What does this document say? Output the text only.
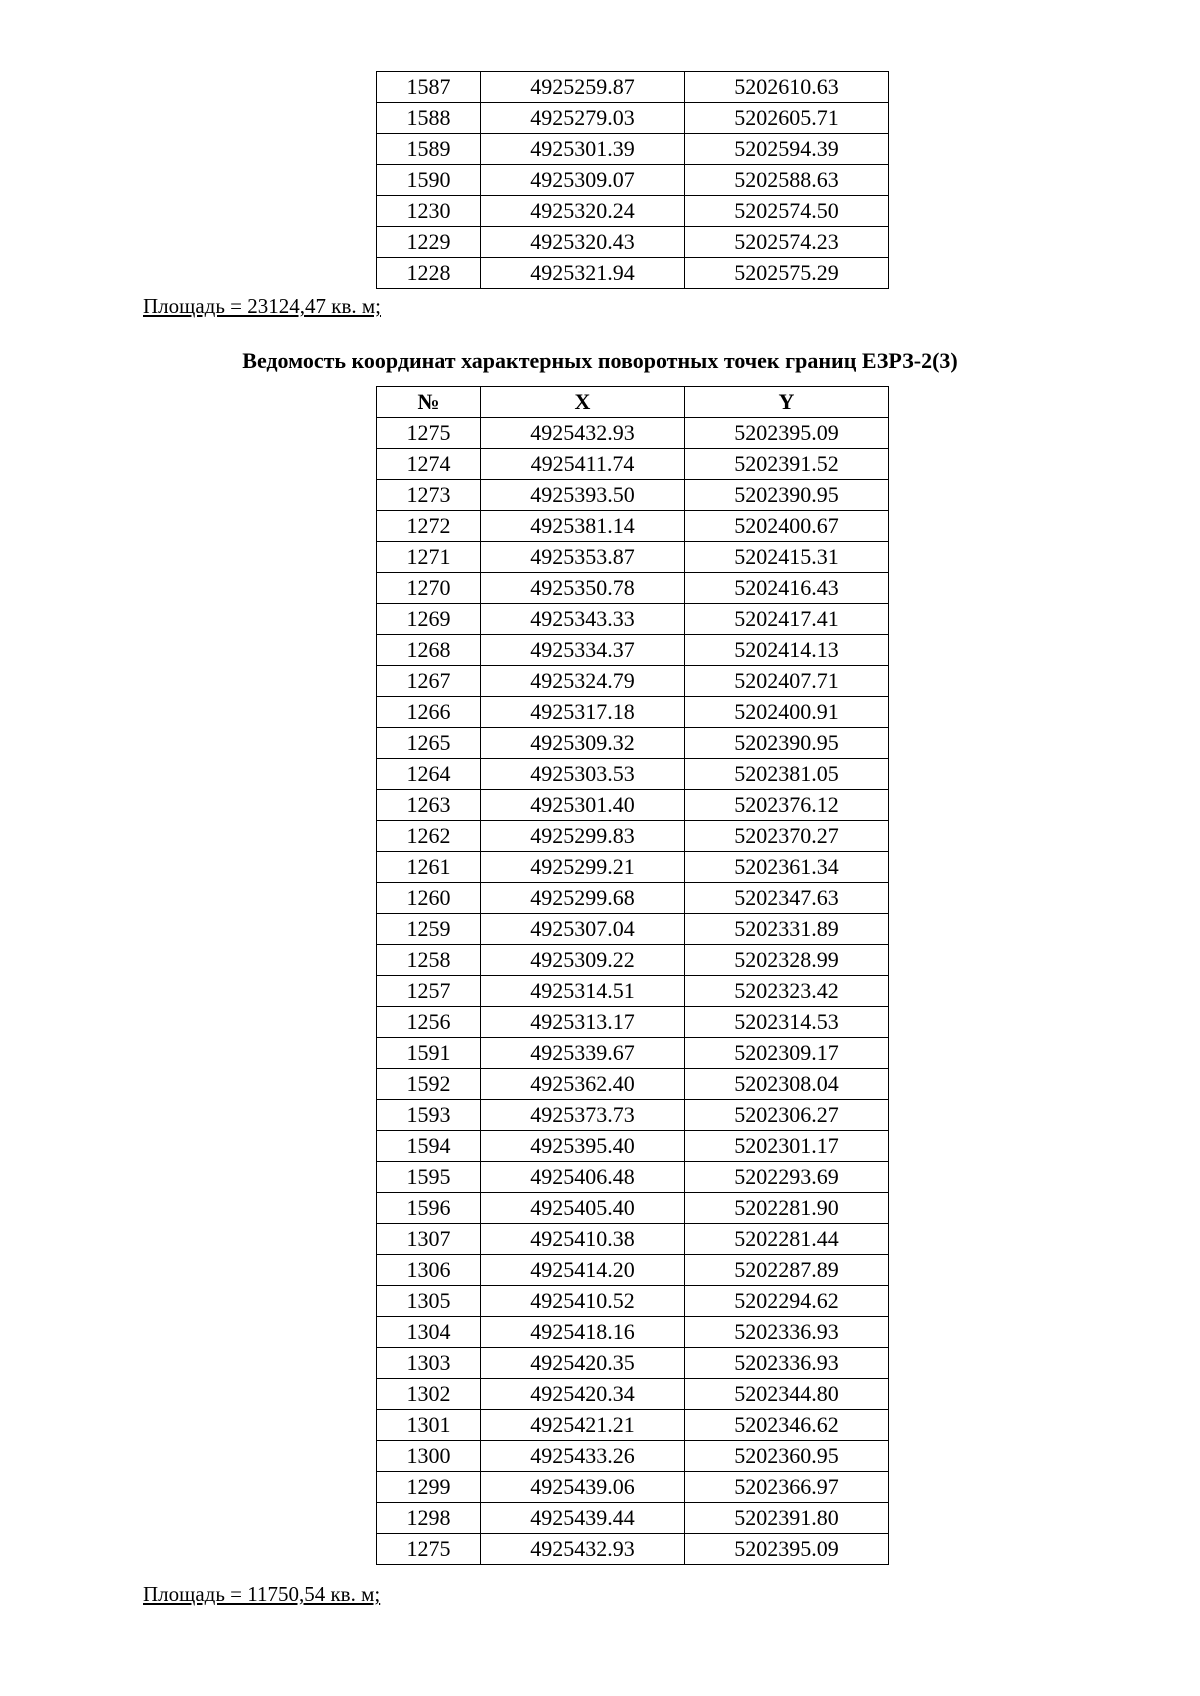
1587	4925259.87	5202610.63
1588	4925279.03	5202605.71
1589	4925301.39	5202594.39
1590	4925309.07	5202588.63
1230	4925320.24	5202574.50
1229	4925320.43	5202574.23
1228	4925321.94	5202575.29
Площадь = 23124,47 кв. м;
Ведомость координат характерных поворотных точек границ ЕЗРЗ-2(3)
№	X	Y
1275	4925432.93	5202395.09
1274	4925411.74	5202391.52
1273	4925393.50	5202390.95
1272	4925381.14	5202400.67
1271	4925353.87	5202415.31
1270	4925350.78	5202416.43
1269	4925343.33	5202417.41
1268	4925334.37	5202414.13
1267	4925324.79	5202407.71
1266	4925317.18	5202400.91
1265	4925309.32	5202390.95
1264	4925303.53	5202381.05
1263	4925301.40	5202376.12
1262	4925299.83	5202370.27
1261	4925299.21	5202361.34
1260	4925299.68	5202347.63
1259	4925307.04	5202331.89
1258	4925309.22	5202328.99
1257	4925314.51	5202323.42
1256	4925313.17	5202314.53
1591	4925339.67	5202309.17
1592	4925362.40	5202308.04
1593	4925373.73	5202306.27
1594	4925395.40	5202301.17
1595	4925406.48	5202293.69
1596	4925405.40	5202281.90
1307	4925410.38	5202281.44
1306	4925414.20	5202287.89
1305	4925410.52	5202294.62
1304	4925418.16	5202336.93
1303	4925420.35	5202336.93
1302	4925420.34	5202344.80
1301	4925421.21	5202346.62
1300	4925433.26	5202360.95
1299	4925439.06	5202366.97
1298	4925439.44	5202391.80
1275	4925432.93	5202395.09
Площадь = 11750,54 кв. м;
